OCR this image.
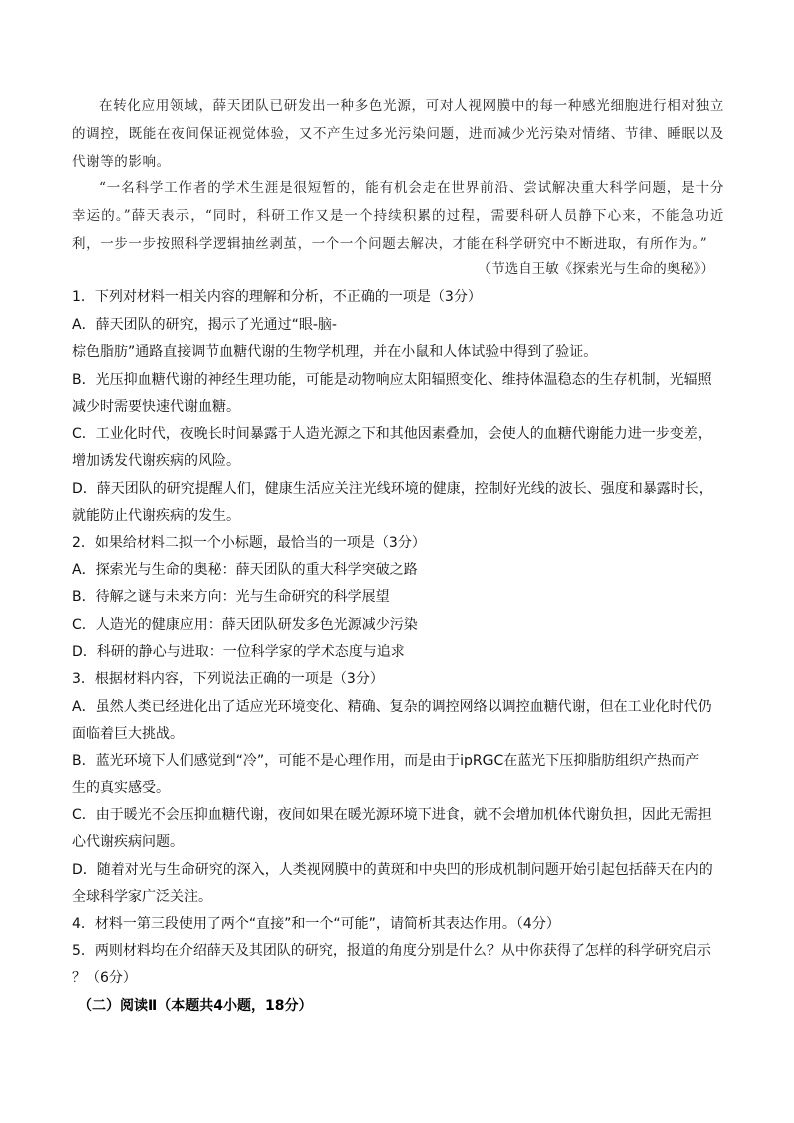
在转化应用领域，薛天团队已研发出一种多色光源，可对人视网膜中的每一种感光细胞进行相对独立的调控，既能在夜间保证视觉体验，又不产生过多光污染问题，进而减少光污染对情绪、节律、睡眠以及代谢等的影响。

“一名科学工作者的学术生涯是很短暂的，能有机会走在世界前沿、尝试解决重大科学问题，是十分幸运的。”薛天表示，“同时，科研工作又是一个持续积累的过程，需要科研人员静下心来，不能急功近利，一步一步按照科学逻辑抽丝剥茧，一个一个问题去解决，才能在科学研究中不断进取，有所作为。”

（节选自王敏《探索光与生命的奥秘》）

1．下列对材料一相关内容的理解和分析，不正确的一项是（3分）

A．薛天团队的研究，揭示了光通过“眼-脑-

棕色脂肪”通路直接调节血糖代谢的生物学机理，并在小鼠和人体试验中得到了验证。

B．光压抑血糖代谢的神经生理功能，可能是动物响应太阳辐照变化、维持体温稳态的生存机制，光辐照

减少时需要快速代谢血糖。

C．工业化时代，夜晚长时间暴露于人造光源之下和其他因素叠加，会使人的血糖代谢能力进一步变差，

增加诱发代谢疾病的风险。

D．薛天团队的研究提醒人们，健康生活应关注光线环境的健康，控制好光线的波长、强度和暴露时长，

就能防止代谢疾病的发生。

2．如果给材料二拟一个小标题，最恰当的一项是（3分）

A．探索光与生命的奥秘：薛天团队的重大科学突破之路

B．待解之谜与未来方向：光与生命研究的科学展望

C．人造光的健康应用：薛天团队研发多色光源减少污染

D．科研的静心与进取：一位科学家的学术态度与追求

3．根据材料内容，下列说法正确的一项是（3分）

A．虽然人类已经进化出了适应光环境变化、精确、复杂的调控网络以调控血糖代谢，但在工业化时代仍

面临着巨大挑战。

B．蓝光环境下人们感觉到“冷”，可能不是心理作用，而是由于ipRGC在蓝光下压抑脂肪组织产热而产

生的真实感受。

C．由于暖光不会压抑血糖代谢，夜间如果在暖光源环境下进食，就不会增加机体代谢负担，因此无需担

心代谢疾病问题。

D．随着对光与生命研究的深入，人类视网膜中的黄斑和中央凹的形成机制问题开始引起包括薛天在内的

全球科学家广泛关注。

4．材料一第三段使用了两个“直接”和一个“可能”，请简析其表达作用。（4分）

5．两则材料均在介绍薛天及其团队的研究，报道的角度分别是什么？从中你获得了怎样的科学研究启示

？（6分）

（二）阅读Ⅱ（本题共4小题，18分）
